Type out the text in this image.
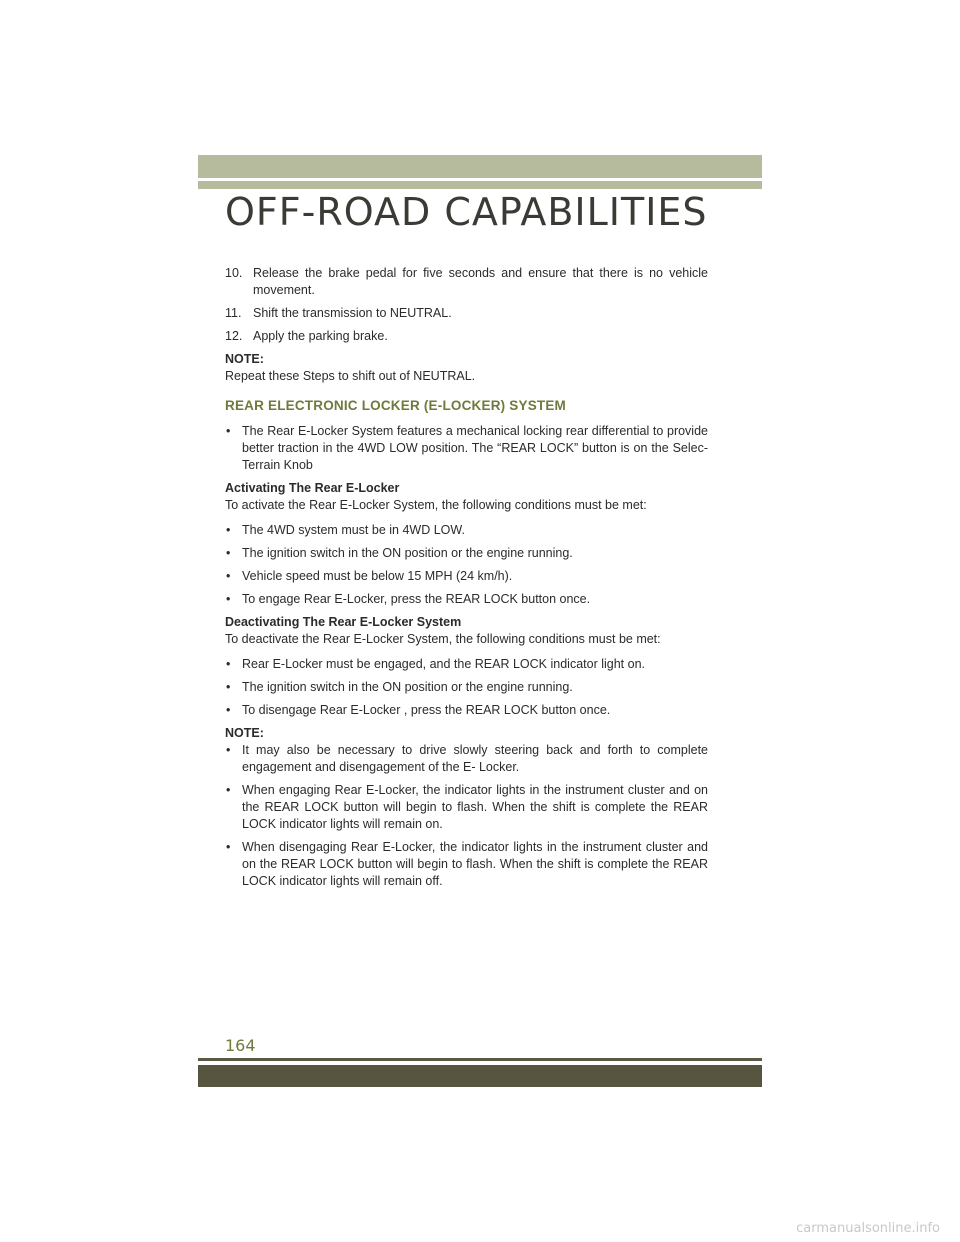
OFF-ROAD CAPABILITIES
10. Release the brake pedal for five seconds and ensure that there is no vehicle movement.
11. Shift the transmission to NEUTRAL.
12. Apply the parking brake.

NOTE:

Repeat these Steps to shift out of NEUTRAL.

REAR ELECTRONIC LOCKER (E-LOCKER) SYSTEM
• The Rear E-Locker System features a mechanical locking rear differential to provide better traction in the 4WD LOW position. The “REAR LOCK” button is on the Selec-Terrain Knob

Activating The Rear E-Locker

To activate the Rear E-Locker System, the following conditions must be met:

• The 4WD system must be in 4WD LOW.
• The ignition switch in the ON position or the engine running.
• Vehicle speed must be below 15 MPH (24 km/h).
• To engage Rear E-Locker, press the REAR LOCK button once.

Deactivating The Rear E-Locker System

To deactivate the Rear E-Locker System, the following conditions must be met:

• Rear E-Locker must be engaged, and the REAR LOCK indicator light on.
• The ignition switch in the ON position or the engine running.
• To disengage Rear E-Locker , press the REAR LOCK button once.

NOTE:

• It may also be necessary to drive slowly steering back and forth to complete engagement and disengagement of the E- Locker.
• When engaging Rear E-Locker, the indicator lights in the instrument cluster and on the REAR LOCK button will begin to flash. When the shift is complete the REAR LOCK indicator lights will remain on.
• When disengaging Rear E-Locker, the indicator lights in the instrument cluster and on the REAR LOCK button will begin to flash. When the shift is complete the REAR LOCK indicator lights will remain off.
164
carmanualsonline.info
